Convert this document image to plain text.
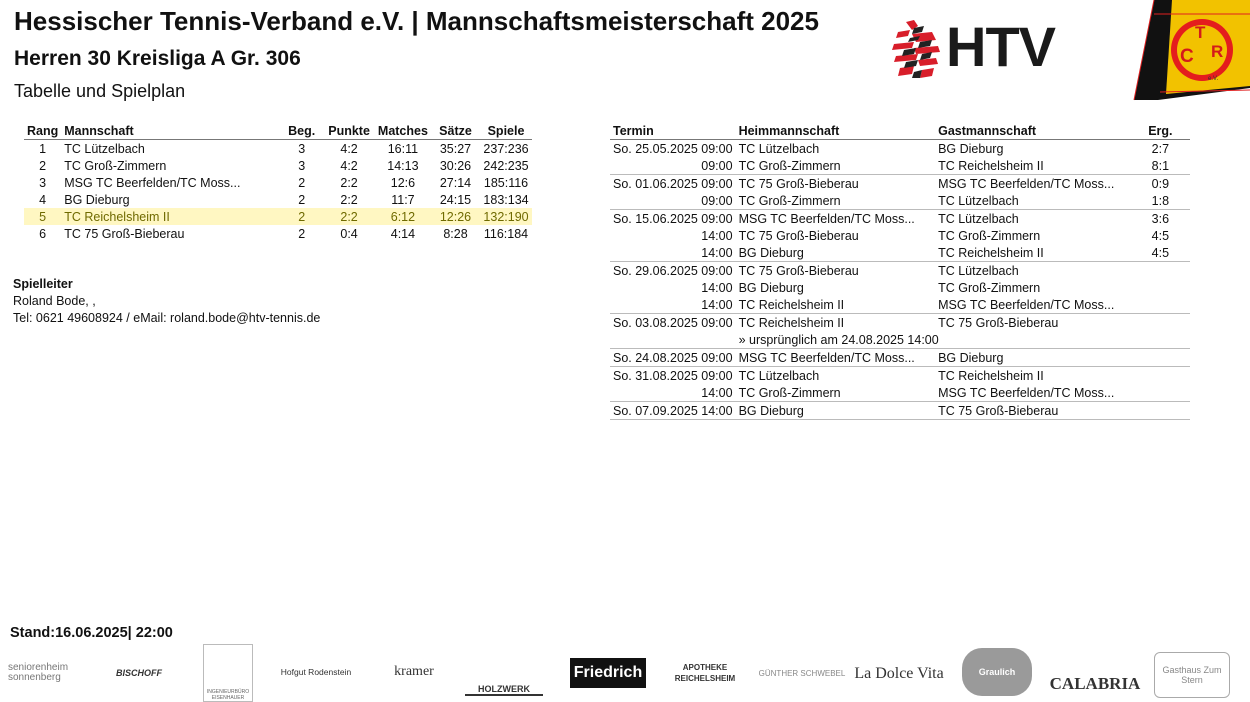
Hessischer Tennis-Verband e.V. | Mannschaftsmeisterschaft 2025
Herren 30 Kreisliga A Gr. 306
Tabelle und Spielplan
HTV	T
C R
e.V.
Rang	Mannschaft	Beg.	Punkte	Matches	Sätze	Spiele
1	TC Lützelbach	3	4:2	16:11	35:27	237:236
2	TC Groß-Zimmern	3	4:2	14:13	30:26	242:235
3	MSG TC Beerfelden/TC Moss...	2	2:2	12:6	27:14	185:116
4	BG Dieburg	2	2:2	11:7	24:15	183:134
5	TC Reichelsheim II	2	2:2	6:12	12:26	132:190
6	TC 75 Groß-Bieberau	2	0:4	4:14	8:28	116:184
Termin	Heimmannschaft	Gastmannschaft	Erg.
So. 25.05.2025 09:00	TC Lützelbach	BG Dieburg	2:7
09:00	TC Groß-Zimmern	TC Reichelsheim II	8:1
So. 01.06.2025 09:00	TC 75 Groß-Bieberau	MSG TC Beerfelden/TC Moss...	0:9
09:00	TC Groß-Zimmern	TC Lützelbach	1:8
So. 15.06.2025 09:00	MSG TC Beerfelden/TC Moss...	TC Lützelbach	3:6
14:00	TC 75 Groß-Bieberau	TC Groß-Zimmern	4:5
14:00	BG Dieburg	TC Reichelsheim II	4:5
So. 29.06.2025 09:00	TC 75 Groß-Bieberau	TC Lützelbach	
14:00	BG Dieburg	TC Groß-Zimmern	
14:00	TC Reichelsheim II	MSG TC Beerfelden/TC Moss...	
So. 03.08.2025 09:00	TC Reichelsheim II	TC 75 Groß-Bieberau	
	» ursprünglich am 24.08.2025 14:00		
So. 24.08.2025 09:00	MSG TC Beerfelden/TC Moss...	BG Dieburg	
So. 31.08.2025 09:00	TC Lützelbach	TC Reichelsheim II	
14:00	TC Groß-Zimmern	MSG TC Beerfelden/TC Moss...	
So. 07.09.2025 14:00	BG Dieburg	TC 75 Groß-Bieberau	
Spielleiter
Roland Bode, ,
Tel: 0621 49608924 / eMail: roland.bode@htv-tennis.de
Stand:16.06.2025| 22:00
seniorenheim sonnenberg	BISCHOFF
INGENIEURBÜRO EISENHAUER
Hofgut Rodenstein	kramer
HOLZWERK
Friedrich	APOTHEKE REICHELSHEIM
GÜNTHER SCHWEBEL La Dolce Vita	Graulich
CALABRIA
Gasthaus Zum Stern
